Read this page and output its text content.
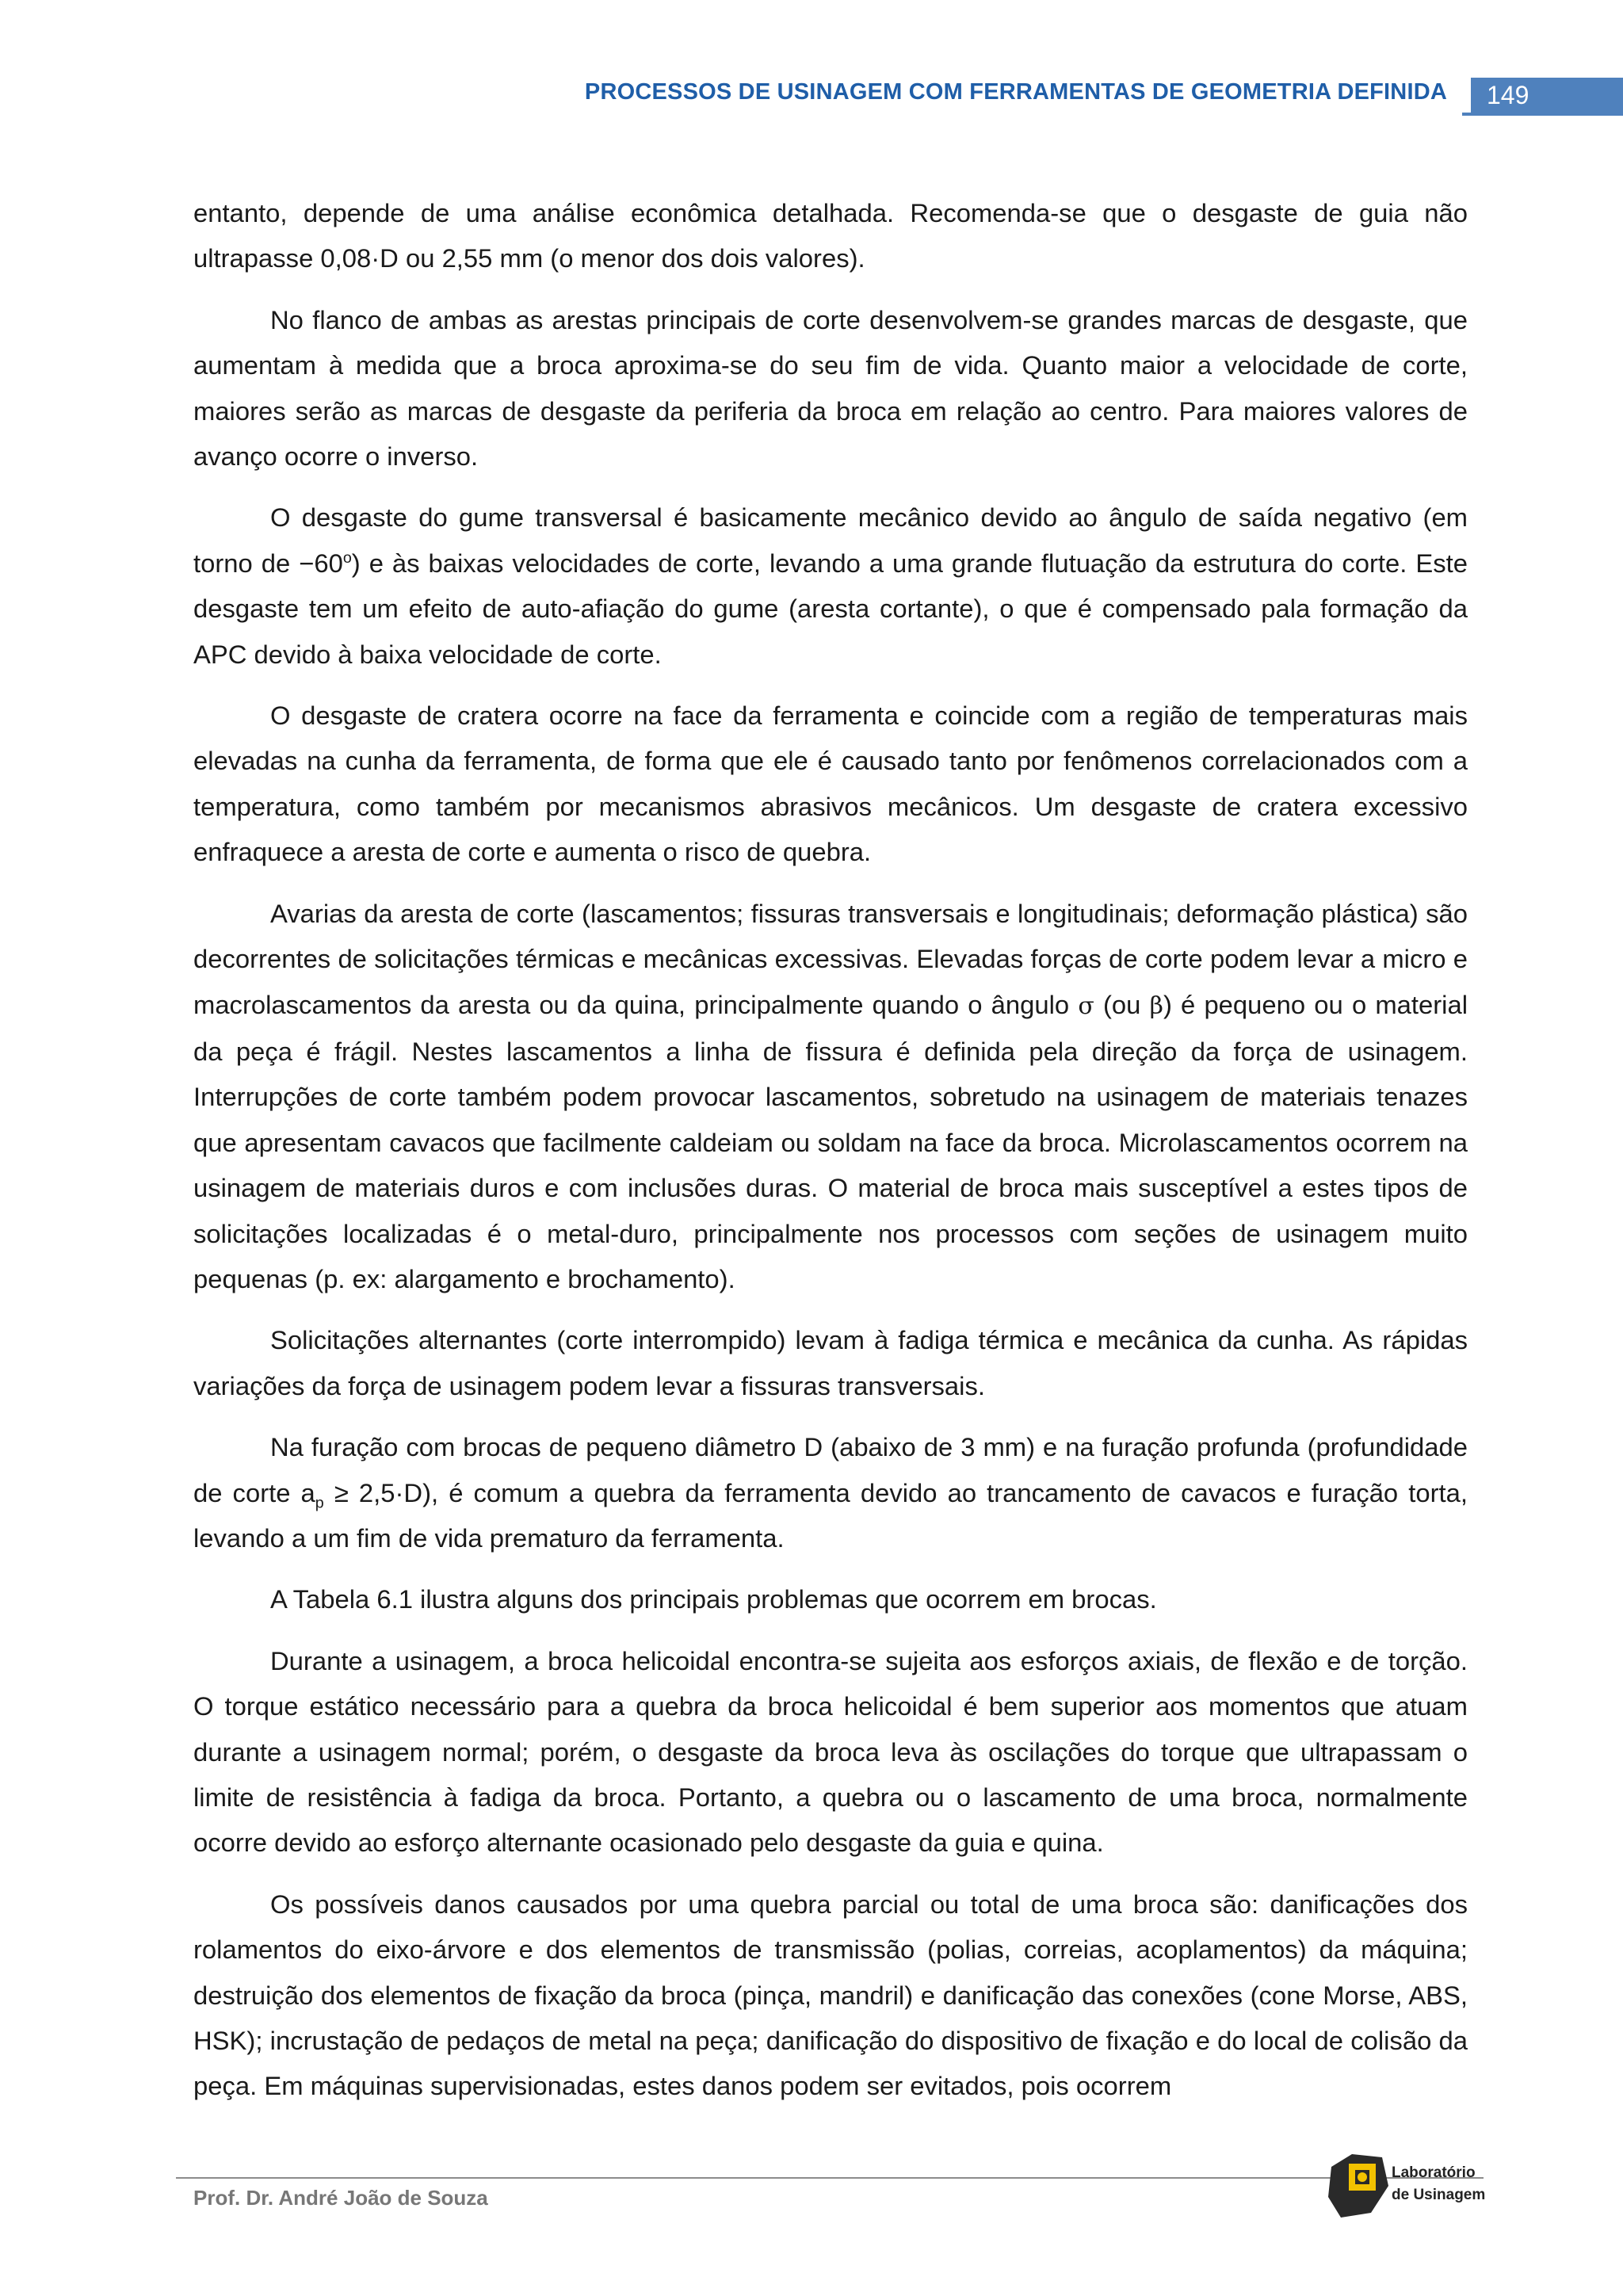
PROCESSOS DE USINAGEM COM FERRAMENTAS DE GEOMETRIA DEFINIDA 149

entanto, depende de uma análise econômica detalhada. Recomenda-se que o desgaste de guia não ultrapasse 0,08·D ou 2,55 mm (o menor dos dois valores).

No flanco de ambas as arestas principais de corte desenvolvem-se grandes marcas de desgaste, que aumentam à medida que a broca aproxima-se do seu fim de vida. Quanto maior a velocidade de corte, maiores serão as marcas de desgaste da periferia da broca em relação ao centro. Para maiores valores de avanço ocorre o inverso.

O desgaste do gume transversal é basicamente mecânico devido ao ângulo de saída negativo (em torno de $-60^o$) e às baixas velocidades de corte, levando a uma grande flutuação da estrutura do corte. Este desgaste tem um efeito de auto-afiação do gume (aresta cortante), o que é compensado pala formação da APC devido à baixa velocidade de corte.

O desgaste de cratera ocorre na face da ferramenta e coincide com a região de temperaturas mais elevadas na cunha da ferramenta, de forma que ele é causado tanto por fenômenos correlacionados com a temperatura, como também por mecanismos abrasivos mecânicos. Um desgaste de cratera excessivo enfraquece a aresta de corte e aumenta o risco de quebra.

Avarias da aresta de corte (lascamentos; fissuras transversais e longitudinais; deformação plástica) são decorrentes de solicitações térmicas e mecânicas excessivas. Elevadas forças de corte podem levar a micro e macrolascamentos da aresta ou da quina, principalmente quando o ângulo σ (ou β) é pequeno ou o material da peça é frágil. Nestes lascamentos a linha de fissura é definida pela direção da força de usinagem. Interrupções de corte também podem provocar lascamentos, sobretudo na usinagem de materiais tenazes que apresentam cavacos que facilmente caldeiam ou soldam na face da broca. Microlascamentos ocorrem na usinagem de materiais duros e com inclusões duras. O material de broca mais susceptível a estes tipos de solicitações localizadas é o metal-duro, principalmente nos processos com seções de usinagem muito pequenas (p. ex: alargamento e brochamento).

Solicitações alternantes (corte interrompido) levam à fadiga térmica e mecânica da cunha. As rápidas variações da força de usinagem podem levar a fissuras transversais.

Na furação com brocas de pequeno diâmetro D (abaixo de 3 mm) e na furação profunda (profundidade de corte $a_p \ge 2,5\cdot D$), é comum a quebra da ferramenta devido ao trancamento de cavacos e furação torta, levando a um fim de vida prematuro da ferramenta.

A Tabela 6.1 ilustra alguns dos principais problemas que ocorrem em brocas.

Durante a usinagem, a broca helicoidal encontra-se sujeita aos esforços axiais, de flexão e de torção. O torque estático necessário para a quebra da broca helicoidal é bem superior aos momentos que atuam durante a usinagem normal; porém, o desgaste da broca leva às oscilações do torque que ultrapassam o limite de resistência à fadiga da broca. Portanto, a quebra ou o lascamento de uma broca, normalmente ocorre devido ao esforço alternante ocasionado pelo desgaste da guia e quina.

Os possíveis danos causados por uma quebra parcial ou total de uma broca são: danificações dos rolamentos do eixo-árvore e dos elementos de transmissão (polias, correias, acoplamentos) da máquina; destruição dos elementos de fixação da broca (pinça, mandril) e danificação das conexões (cone Morse, ABS, HSK); incrustação de pedaços de metal na peça; danificação do dispositivo de fixação e do local de colisão da peça. Em máquinas supervisionadas, estes danos podem ser evitados, pois ocorrem

Prof. Dr. André João de Souza
Laboratório
de Usinagem
